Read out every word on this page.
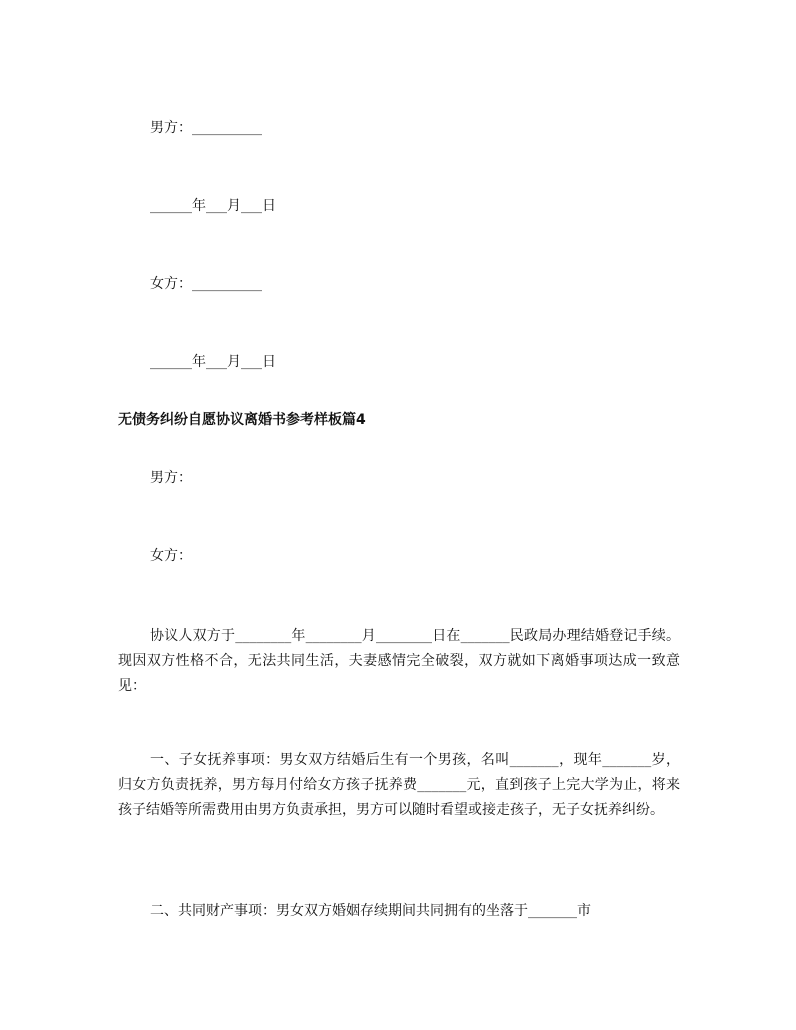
男方：__________
______年___月___日
女方：__________
______年___月___日
无债务纠纷自愿协议离婚书参考样板篇4
男方：
女方：
协议人双方于________年________月________日在_______民政局办理结婚登记手续。现因双方性格不合，无法共同生活，夫妻感情完全破裂，双方就如下离婚事项达成一致意见：
一、子女抚养事项：男女双方结婚后生有一个男孩，名叫_______，现年_______岁，归女方负责抚养，男方每月付给女方孩子抚养费_______元，直到孩子上完大学为止，将来孩子结婚等所需费用由男方负责承担，男方可以随时看望或接走孩子，无子女抚养纠纷。
二、共同财产事项：男女双方婚姻存续期间共同拥有的坐落于_______市
